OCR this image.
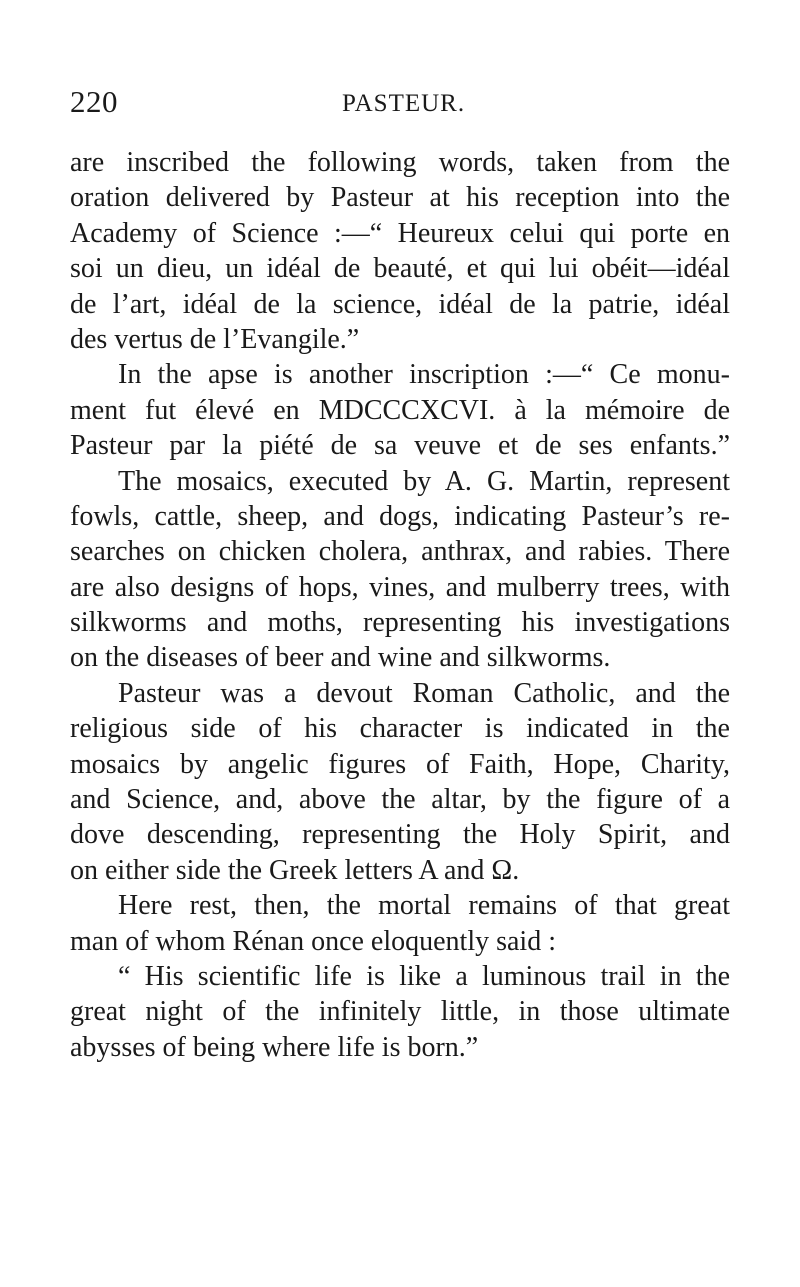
220	PASTEUR.
are inscribed the following words, taken from the
oration delivered by Pasteur at his reception into the
Academy of Science :—“ Heureux celui qui porte en
soi un dieu, un idéal de beauté, et qui lui obéit—idéal
de l’art, idéal de la science, idéal de la patrie, idéal
des vertus de l’Evangile.”
In the apse is another inscription :—“ Ce monu-
ment fut élevé en MDCCCXCVI. à la mémoire de
Pasteur par la piété de sa veuve et de ses enfants.”
The mosaics, executed by A. G. Martin, represent
fowls, cattle, sheep, and dogs, indicating Pasteur’s re-
searches on chicken cholera, anthrax, and rabies. There
are also designs of hops, vines, and mulberry trees, with
silkworms and moths, representing his investigations
on the diseases of beer and wine and silkworms.
Pasteur was a devout Roman Catholic, and the
religious side of his character is indicated in the
mosaics by angelic figures of Faith, Hope, Charity,
and Science, and, above the altar, by the figure of a
dove descending, representing the Holy Spirit, and
on either side the Greek letters A and Ω.
Here rest, then, the mortal remains of that great
man of whom Rénan once eloquently said :
“ His scientific life is like a luminous trail in the
great night of the infinitely little, in those ultimate
abysses of being where life is born.”
